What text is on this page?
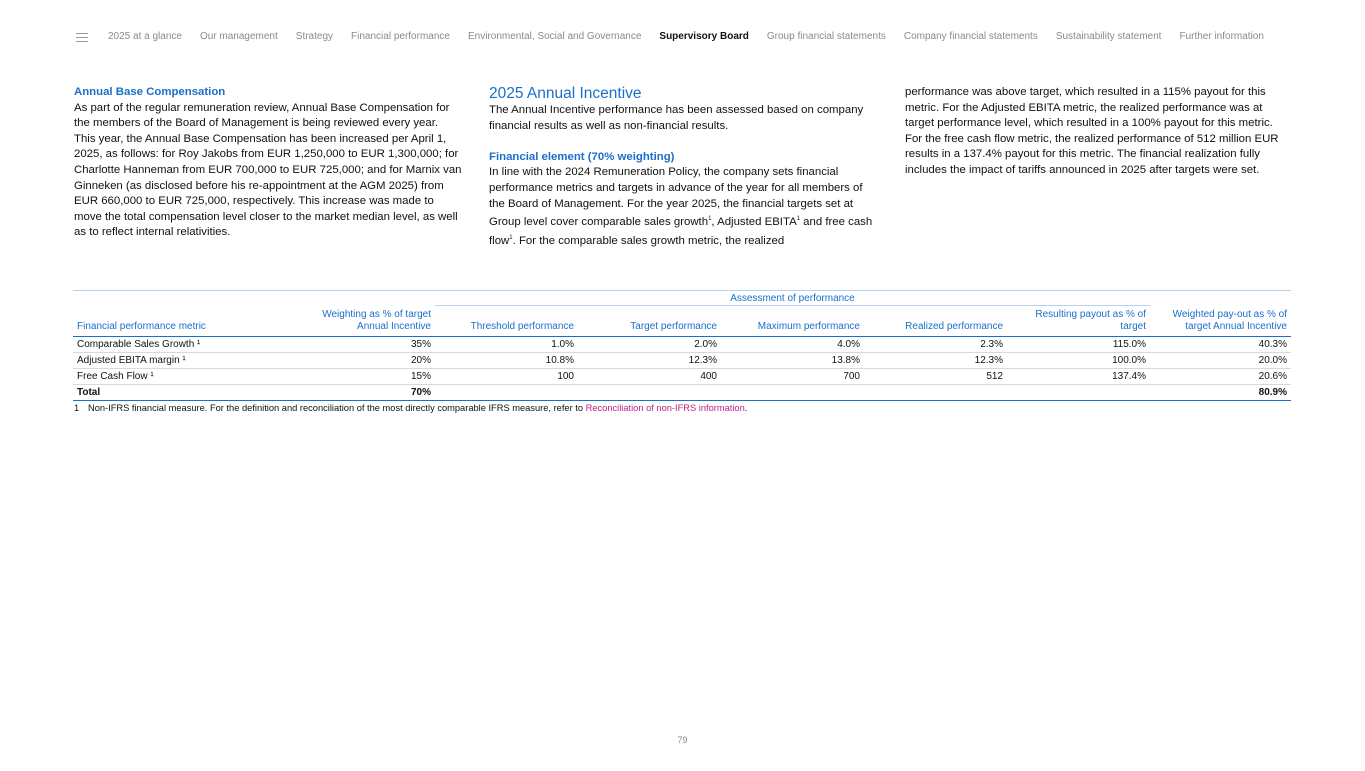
2025 at a glance Our management Strategy Financial performance Environmental, Social and Governance Supervisory Board Group financial statements Company financial statements Sustainability statement Further information
Annual Base Compensation

As part of the regular remuneration review, Annual Base Compensation for the members of the Board of Management is being reviewed every year. This year, the Annual Base Compensation has been increased per April 1, 2025, as follows: for Roy Jakobs from EUR 1,250,000 to EUR 1,300,000; for Charlotte Hanneman from EUR 700,000 to EUR 725,000; and for Marnix van Ginneken (as disclosed before his re-appointment at the AGM 2025) from EUR 660,000 to EUR 725,000, respectively. This increase was made to move the total compensation level closer to the market median level, as well as to reflect internal relativities.

2025 Annual Incentive

The Annual Incentive performance has been assessed based on company financial results as well as non-financial results.

Financial element (70% weighting)

In line with the 2024 Remuneration Policy, the company sets financial performance metrics and targets in advance of the year for all members of the Board of Management. For the year 2025, the financial targets set at Group level cover comparable sales growth$^1$, Adjusted EBITA$^1$ and free cash flow$^1$. For the comparable sales growth metric, the realized

performance was above target, which resulted in a 115% payout for this metric. For the Adjusted EBITA metric, the realized performance was at target performance level, which resulted in a 100% payout for this metric. For the free cash flow metric, the realized performance of 512 million EUR results in a 137.4% payout for this metric. The financial realization fully includes the impact of tariffs announced in 2025 after targets were set.

		Assessment of performance					
Financial performance metric	Weighting as % of target Annual Incentive	Threshold performance	Target performance	Maximum performance	Realized performance	Resulting payout as % of target	Weighted pay-out as % of target Annual Incentive
Comparable Sales Growth ¹	35%	1.0%	2.0%	4.0%	2.3%	115.0%	40.3%
Adjusted EBITA margin ¹	20%	10.8%	12.3%	13.8%	12.3%	100.0%	20.0%
Free Cash Flow ¹	15%	100	400	700	512	137.4%	20.6%
Total	70%						80.9%
1 Non-IFRS financial measure. For the definition and reconciliation of the most directly comparable IFRS measure, refer to Reconciliation of non-IFRS information.
79
